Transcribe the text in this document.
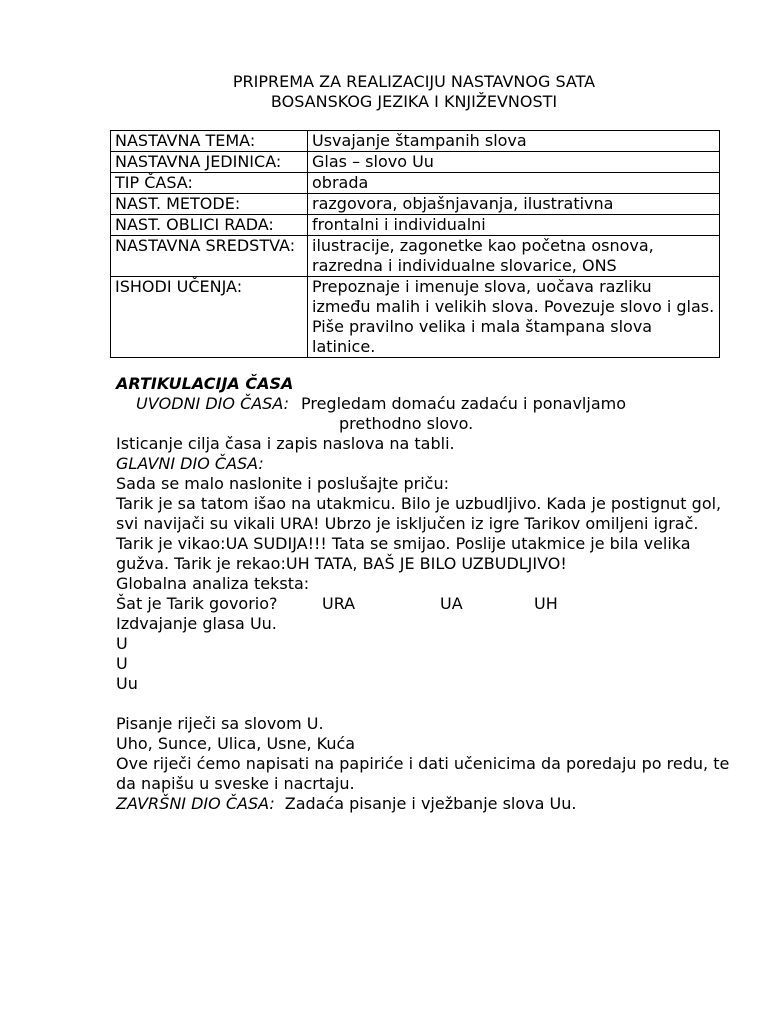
PRIPREMA ZA REALIZACIJU NASTAVNOG SATA
BOSANSKOG JEZIKA I KNJIŽEVNOSTI
NASTAVNA TEMA:	Usvajanje štampanih slova
NASTAVNA JEDINICA:	Glas – slovo Uu
TIP ČASA:	obrada
NAST. METODE:	razgovora, objašnjavanja, ilustrativna
NAST. OBLICI RADA:	frontalni i individualni
NASTAVNA SREDSTVA:	ilustracije, zagonetke kao početna osnova, razredna i individualne slovarice, ONS
ISHODI UČENJA:	Prepoznaje i imenuje slova, uočava razliku između malih i velikih slova. Povezuje slovo i glas. Piše pravilno velika i mala štampana slova latinice.
ARTIKULACIJA ČASA
UVODNI DIO ČASA: Pregledam domaću zadaću i ponavljamo
prethodno slovo.
Isticanje cilja časa i zapis naslova na tabli.
GLAVNI DIO ČASA:
Sada se malo naslonite i poslušajte priču:
Tarik je sa tatom išao na utakmicu. Bilo je uzbudljivo. Kada je postignut gol, svi navijači su vikali URA! Ubrzo je isključen iz igre Tarikov omiljeni igrač. Tarik je vikao:UA SUDIJA!!! Tata se smijao. Poslije utakmice je bila velika gužva. Tarik je rekao:UH TATA, BAŠ JE BILO UZBUDLJIVO!
Globalna analiza teksta:
Šat je Tarik govorio?	URA	UA	UH
Izdvajanje glasa Uu.
U
U
Uu
Pisanje riječi sa slovom U.
Uho, Sunce, Ulica, Usne, Kuća
Ove riječi ćemo napisati na papiriće i dati učenicima da poredaju po redu, te da napišu u sveske i nacrtaju.
ZAVRŠNI DIO ČASA: Zadaća pisanje i vježbanje slova Uu.
